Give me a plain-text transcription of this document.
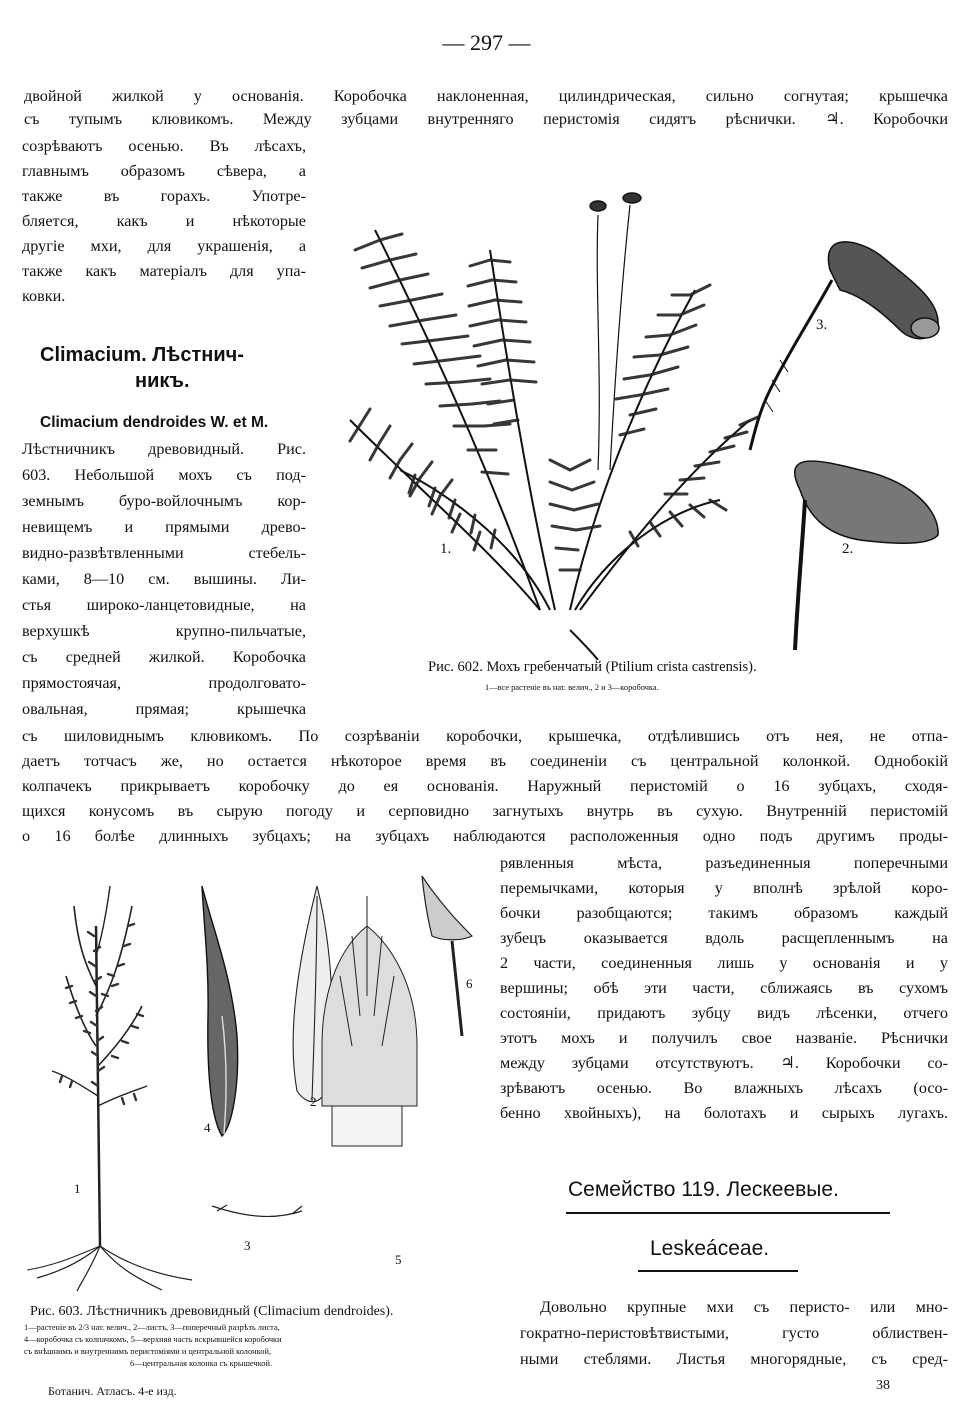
— 297 —
двойной жилкой у основанія. Коробочка наклоненная, цилиндрическая, сильно согнутая; крышечка
съ тупымъ клювикомъ. Между зубцами внутренняго перистомія сидятъ рѣснички. ♃. Коробочки
созрѣваютъ осенью. Въ лѣсахъ,
главнымъ образомъ сѣвера, а
также въ горахъ. Употре-
бляется, какъ и нѣкоторые
другіе мхи, для украшенія, а
также какъ матеріалъ для упа-
ковки.
Climacium. Лѣстнич-
никъ.
Climacium dendroides W. et M.
Лѣстничникъ древовидный. Рис.
603. Небольшой мохъ съ под-
земнымъ буро-войлочнымъ кор-
невищемъ и прямыми древо-
видно-развѣтвленными стебель-
ками, 8—10 см. вышины. Ли-
стья широко-ланцетовидные, на
верхушкѣ крупно-пильчатые,
съ средней жилкой. Коробочка
прямостоячая, продолговато-
овальная, прямая; крышечка
1.	2.
3.
Рис. 602. Мохъ гребенчатый (Ptilium crista castrensis).
1—все растеніе въ нат. велич., 2 и 3—коробочка.
съ шиловиднымъ клювикомъ. По созрѣваніи коробочки, крышечка, отдѣлившись отъ нея, не отпа-
даетъ тотчасъ же, но остается нѣкоторое время въ соединеніи съ центральной колонкой. Однобокій
колпачекъ прикрываетъ коробочку до ея основанія. Наружный перистомій о 16 зубцахъ, сходя-
щихся конусомъ въ сырую погоду и серповидно загнутыхъ внутрь въ сухую. Внутренній перистомій
о 16 болѣе длинныхъ зубцахъ; на зубцахъ наблюдаются расположенныя одно подъ другимъ проды-
1
2
3
4
5
6
Рис. 603. Лѣстничникъ древовидный (Climacium dendroides).
1—растеніе въ 2/3 нат. велич., 2—листъ, 3—поперечный разрѣзъ листа,
4—коробочка съ колпачкомъ, 5—верхняя часть вскрывшейся коробочки
съ внѣшнимъ и внутреннимъ перистоміями и центральной колонкой,
6—центральная колонка съ крышечкой.
рявленныя мѣста, разъединенныя поперечными
перемычками, которыя у вполнѣ зрѣлой коро-
бочки разобщаются; такимъ образомъ каждый
зубецъ оказывается вдоль расщепленнымъ на
2 части, соединенныя лишь у основанія и у
вершины; обѣ эти части, сближаясь въ сухомъ
состояніи, придаютъ зубцу видъ лѣсенки, отчего
этотъ мохъ и получилъ свое названіе. Рѣснички
между зубцами отсутствуютъ. ♃. Коробочки со-
зрѣваютъ осенью. Во влажныхъ лѣсахъ (осо-
бенно хвойныхъ), на болотахъ и сырыхъ лугахъ.
Семейство 119. Лескеевые.
Leskeáceae.
Довольно крупные мхи съ перисто- или мно-
гократно-перистовѣтвистыми, густо облиствен-
ными стеблями. Листья многорядные, съ сред-
Ботанич. Атласъ. 4-е изд.	38
